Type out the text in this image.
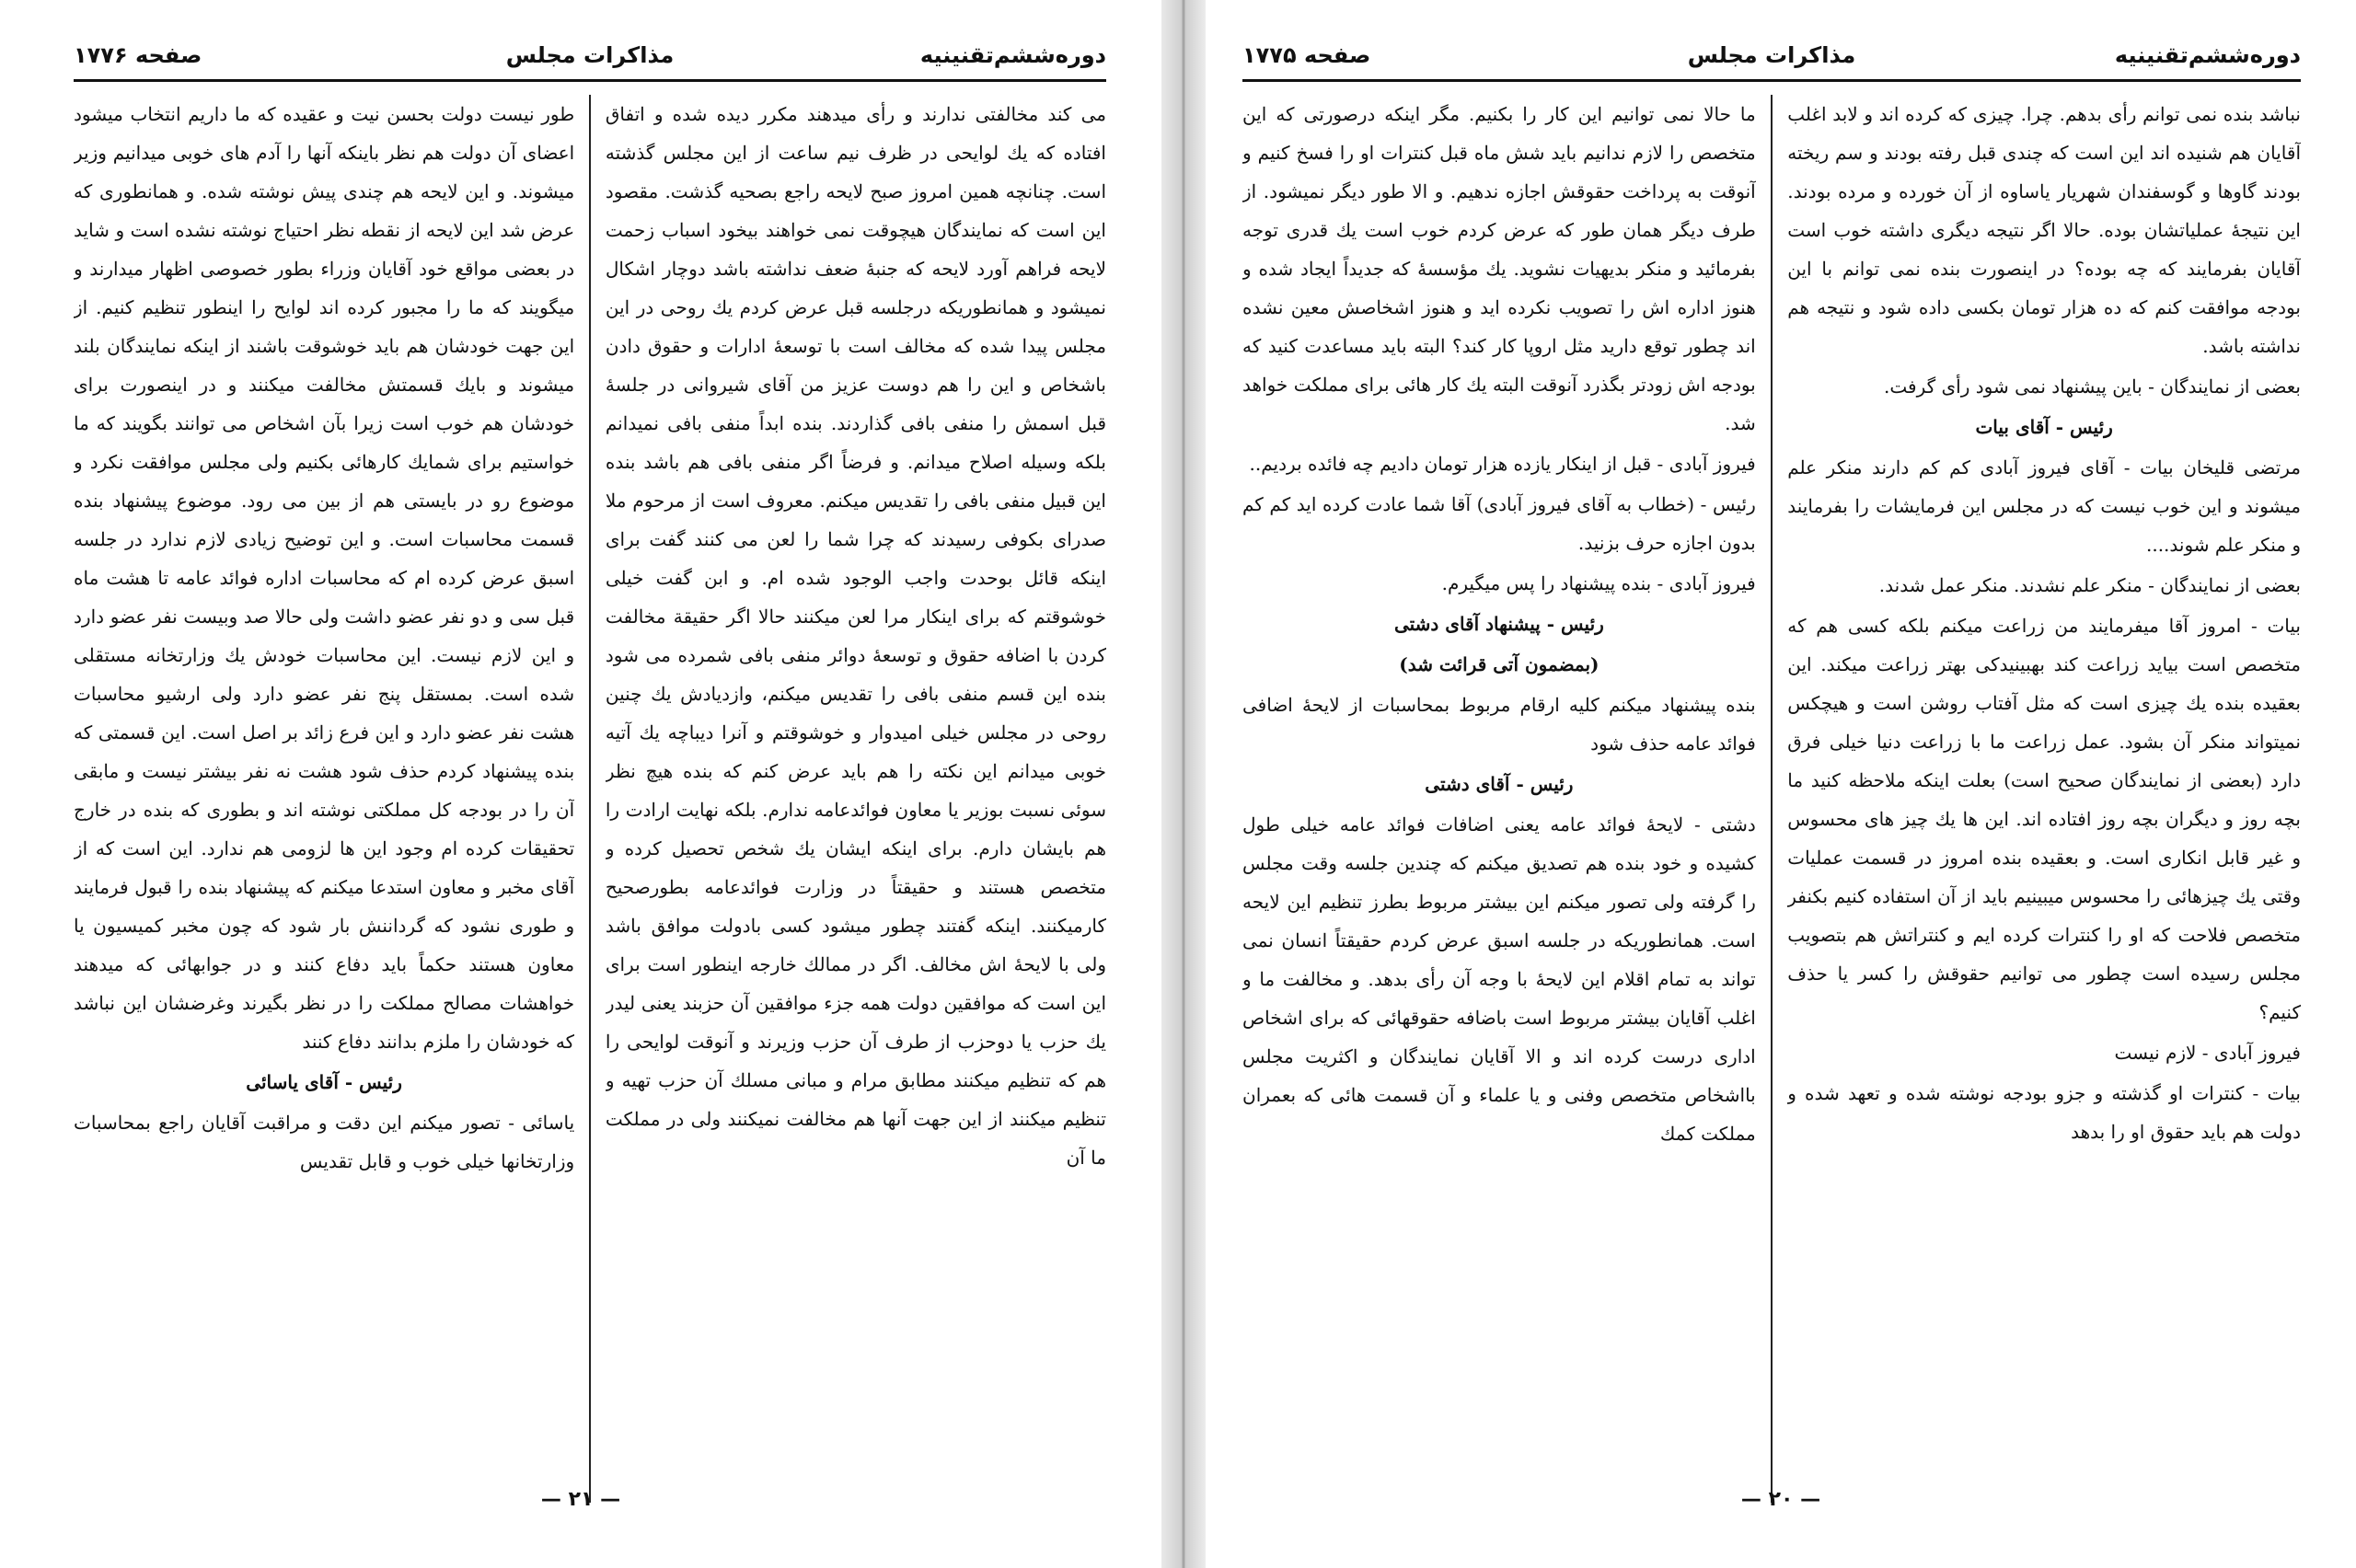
دوره‌ششم‌تقنینیه
مذاکرات مجلس
صفحه ۱۷۷۶

می کند مخالفتی ندارند و رأی میدهند مکرر دیده شده و اتفاق افتاده که یك لوایحی در ظرف نیم ساعت از این مجلس گذشته است. چنانچه همین امروز صبح لایحه راجع بصحیه گذشت. مقصود این است که نمایندگان هیچوقت نمی خواهند بیخود اسباب زحمت لایحه فراهم آورد لایحه که جنبهٔ ضعف نداشته باشد دوچار اشکال نمیشود و همانطوریکه درجلسه قبل عرض کردم یك روحی در این مجلس پیدا شده که مخالف است با توسعهٔ ادارات و حقوق دادن باشخاص و این را هم دوست عزیز من آقای شیروانی در جلسهٔ قبل اسمش را منفی بافی گذاردند. بنده ابداً منفی بافی نمیدانم بلکه وسیله اصلاح میدانم. و فرضاً اگر منفی بافی هم باشد بنده این قبیل منفی بافی را تقدیس میکنم. معروف است از مرحوم ملا صدرای بکوفی رسیدند که چرا شما را لعن می کنند گفت برای اینکه قائل بوحدت واجب الوجود شده ام. و ابن گفت خیلی خوشوقتم که برای اینکار مرا لعن میکنند حالا اگر حقیقة مخالفت کردن با اضافه حقوق و توسعهٔ دوائر منفی بافی شمرده می شود بنده این قسم منفی بافی را تقدیس میکنم، وازدیادش یك چنین روحی در مجلس خیلی امیدوار و خوشوقتم و آنرا دیباچه یك آتیه خوبی میدانم این نکته را هم باید عرض کنم که بنده هیچ نظر سوئی نسبت بوزیر یا معاون فوائدعامه ندارم. بلکه نهایت ارادت را هم بایشان دارم. برای اینکه ایشان یك شخص تحصیل کرده و متخصص هستند و حقیقتاً در وزارت فوائدعامه بطورصحیح کارمیکنند. اینکه گفتند چطور میشود کسی بادولت موافق باشد ولی با لایحهٔ اش مخالف. اگر در ممالك خارجه اینطور است برای این است که موافقین دولت همه جزء موافقین آن حزبند یعنی لیدر یك حزب یا دوحزب از طرف آن حزب وزیرند و آنوقت لوایحی را هم که تنظیم میکنند مطابق مرام و مبانی مسلك آن حزب تهیه و تنظیم میکنند از این جهت آنها هم مخالفت نمیکنند ولی در مملکت ما آن

طور نیست دولت بحسن نیت و عقیده که ما داریم انتخاب میشود اعضای آن دولت هم نظر باینکه آنها را آدم های خوبی میدانیم وزیر میشوند. و این لایحه هم چندی پیش نوشته شده. و همانطوری که عرض شد این لایحه از نقطه نظر احتیاج نوشته نشده است و شاید در بعضی مواقع خود آقایان وزراء بطور خصوصی اظهار میدارند و میگویند که ما را مجبور کرده اند لوایح را اینطور تنظیم کنیم. از این جهت خودشان هم باید خوشوقت باشند از اینکه نمایندگان بلند میشوند و بایك قسمتش مخالفت میکنند و در اینصورت برای خودشان هم خوب است زیرا بآن اشخاص می توانند بگویند که ما خواستیم برای شمایك کارهائی بکنیم ولی مجلس موافقت نکرد و موضوع رو در بایستی هم از بین می رود. موضوع پیشنهاد بنده قسمت محاسبات است. و این توضیح زیادی لازم ندارد در جلسه اسبق عرض کرده ام که محاسبات اداره فوائد عامه تا هشت ماه قبل سی و دو نفر عضو داشت ولی حالا صد وبیست نفر عضو دارد و این لازم نیست. این محاسبات خودش یك وزارتخانه مستقلی شده است. بمستقل پنج نفر عضو دارد ولی ارشیو محاسبات هشت نفر عضو دارد و این فرع زائد بر اصل است. این قسمتی که بنده پیشنهاد کردم حذف شود هشت نه نفر بیشتر نیست و مابقی آن را در بودجه کل مملکتی نوشته اند و بطوری که بنده در خارج تحقیقات کرده ام وجود این ها لزومی هم ندارد. این است که از آقای مخبر و معاون استدعا میکنم که پیشنهاد بنده را قبول فرمایند و طوری نشود که گرداننش بار شود که چون مخبر کمیسیون یا معاون هستند حکماً باید دفاع کنند و در جوابهائی که میدهند خواهشات مصالح مملکت را در نظر بگیرند وغرضشان این نباشد که خودشان را ملزم بدانند دفاع کنند

رئیس - آقای یاسائی

یاسائی - تصور میکنم این دقت و مراقبت آقایان راجع بمحاسبات وزارتخانها خیلی خوب و قابل تقدیس

— ۲۱ —
دوره‌ششم‌تقنینیه
مذاکرات مجلس
صفحه ۱۷۷۵

نباشد بنده نمی توانم رأی بدهم. چرا. چیزی که کرده اند و لابد اغلب آقایان هم شنیده اند این است که چندی قبل رفته بودند و سم ریخته بودند گاوها و گوسفندان شهریار یاساوه از آن خورده و مرده بودند. این نتیجهٔ عملیاتشان بوده. حالا اگر نتیجه دیگری داشته خوب است آقایان بفرمایند که چه بوده؟ در اینصورت بنده نمی توانم با این بودجه موافقت کنم که ده هزار تومان بکسی داده شود و نتیجه هم نداشته باشد.

بعضی از نمایندگان - باین پیشنهاد نمی شود رأی گرفت.

رئیس - آقای بیات

مرتضی قلیخان بیات - آقای فیروز آبادی کم کم دارند منکر علم میشوند و این خوب نیست که در مجلس این فرمایشات را بفرمایند و منکر علم شوند....

بعضی از نمایندگان - منکر علم نشدند. منکر عمل شدند.

بیات - امروز آقا میفرمایند من زراعت میکنم بلکه کسی هم که متخصص است بیاید زراعت کند بهبینیدکی بهتر زراعت میکند. این بعقیده بنده یك چیزی است که مثل آفتاب روشن است و هیچکس نمیتواند منکر آن بشود. عمل زراعت ما با زراعت دنیا خیلی فرق دارد (بعضی از نمایندگان صحیح است) بعلت اینکه ملاحظه کنید ما بچه روز و دیگران بچه روز افتاده اند. این ها یك چیز های محسوس و غیر قابل انکاری است. و بعقیده بنده امروز در قسمت عملیات وقتی یك چیزهائی را محسوس میبینیم باید از آن استفاده کنیم بکنفر متخصص فلاحت که او را کنترات کرده ایم و کنتراتش هم بتصویب مجلس رسیده است چطور می توانیم حقوقش را کسر یا حذف کنیم؟

فیروز آبادی - لازم نیست

بیات - کنترات او گذشته و جزو بودجه نوشته شده و تعهد شده و دولت هم باید حقوق او را بدهد

ما حالا نمی توانیم این کار را بکنیم. مگر اینکه درصورتی که این متخصص را لازم ندانیم باید شش ماه قبل کنترات او را فسخ کنیم و آنوقت به پرداخت حقوقش اجازه ندهیم. و الا طور دیگر نمیشود. از طرف دیگر همان طور که عرض کردم خوب است یك قدری توجه بفرمائید و منکر بدیهیات نشوید. یك مؤسسهٔ که جدیداً ایجاد شده و هنوز اداره اش را تصویب نکرده اید و هنوز اشخاصش معین نشده اند چطور توقع دارید مثل اروپا کار کند؟ البته باید مساعدت کنید که بودجه اش زودتر بگذرد آنوقت البته یك کار هائی برای مملکت خواهد شد.

فیروز آبادی - قبل از اینکار یازده هزار تومان دادیم چه فائده بردیم..

رئیس - (خطاب به آقای فیروز آبادی) آقا شما عادت کرده اید کم کم بدون اجازه حرف بزنید.

فیروز آبادی - بنده پیشنهاد را پس میگیرم.

رئیس - پیشنهاد آقای دشتی

(بمضمون آتی قرائت شد)

بنده پیشنهاد میکنم کلیه ارقام مربوط بمحاسبات از لایحهٔ اضافی فوائد عامه حذف شود

رئیس - آقای دشتی

دشتی - لایحهٔ فوائد عامه یعنی اضافات فوائد عامه خیلی طول کشیده و خود بنده هم تصدیق میکنم که چندین جلسه وقت مجلس را گرفته ولی تصور میکنم این بیشتر مربوط بطرز تنظیم این لایحه است. همانطوریکه در جلسه اسبق عرض کردم حقیقتاً انسان نمی تواند به تمام اقلام این لایحهٔ با وجه آن رأی بدهد. و مخالفت ما و اغلب آقایان بیشتر مربوط است باضافه حقوقهائی که برای اشخاص اداری درست کرده اند و الا آقایان نمایندگان و اکثریت مجلس بااشخاص متخصص وفنی و یا علماء و آن قسمت هائی که بعمران مملکت کمك

— ۲۰ —
